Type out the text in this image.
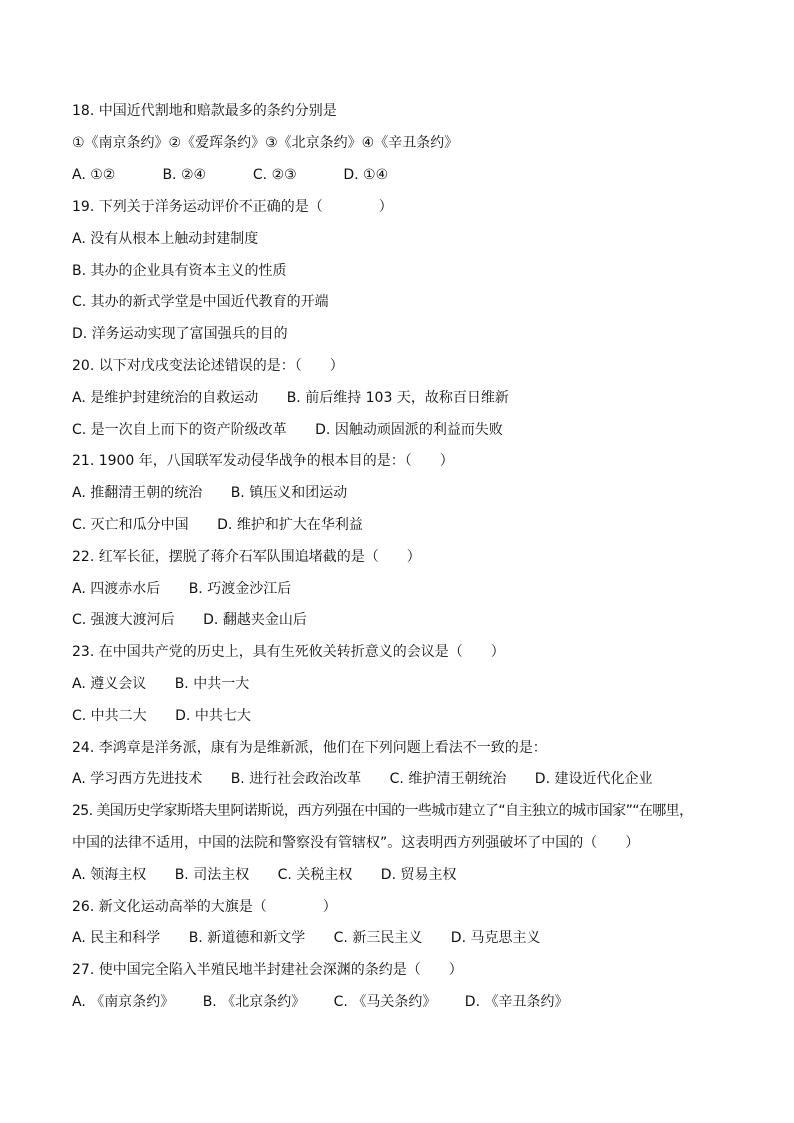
18. 中国近代割地和赔款最多的条约分别是
①《南京条约》②《爱珲条约》③《北京条约》④《辛丑条约》
A. ①②	B. ②④	C. ②③	D. ①④
19. 下列关于洋务运动评价不正确的是（　　　　）
A. 没有从根本上触动封建制度
B. 其办的企业具有资本主义的性质
C. 其办的新式学堂是中国近代教育的开端
D. 洋务运动实现了富国强兵的目的
20. 以下对戊戌变法论述错误的是：（　　）
A. 是维护封建统治的自救运动 B. 前后维持 103 天，故称百日维新
C. 是一次自上而下的资产阶级改革 D. 因触动顽固派的利益而失败
21. 1900 年，八国联军发动侵华战争的根本目的是：（　　）
A. 推翻清王朝的统治 B. 镇压义和团运动
C. 灭亡和瓜分中国 D. 维护和扩大在华利益
22. 红军长征，摆脱了蒋介石军队围追堵截的是（　　）
A. 四渡赤水后 B. 巧渡金沙江后
C. 强渡大渡河后 D. 翻越夹金山后
23. 在中国共产党的历史上，具有生死攸关转折意义的会议是（　　）
A. 遵义会议 B. 中共一大
C. 中共二大 D. 中共七大
24. 李鸿章是洋务派，康有为是维新派，他们在下列问题上看法不一致的是：
A. 学习西方先进技术 B. 进行社会政治改革 C. 维护清王朝统治 D. 建设近代化企业
25. 美国历史学家斯塔夫里阿诺斯说，西方列强在中国的一些城市建立了“自主独立的城市国家”“在哪里，
中国的法律不适用，中国的法院和警察没有管辖权”。这表明西方列强破坏了中国的（　　）
A. 领海主权 B. 司法主权 C. 关税主权 D. 贸易主权
26. 新文化运动高举的大旗是（　　　　）
A. 民主和科学 B. 新道德和新文学 C. 新三民主义 D. 马克思主义
27. 使中国完全陷入半殖民地半封建社会深渊的条约是（　　）
A. 《南京条约》 B. 《北京条约》 C. 《马关条约》 D. 《辛丑条约》
